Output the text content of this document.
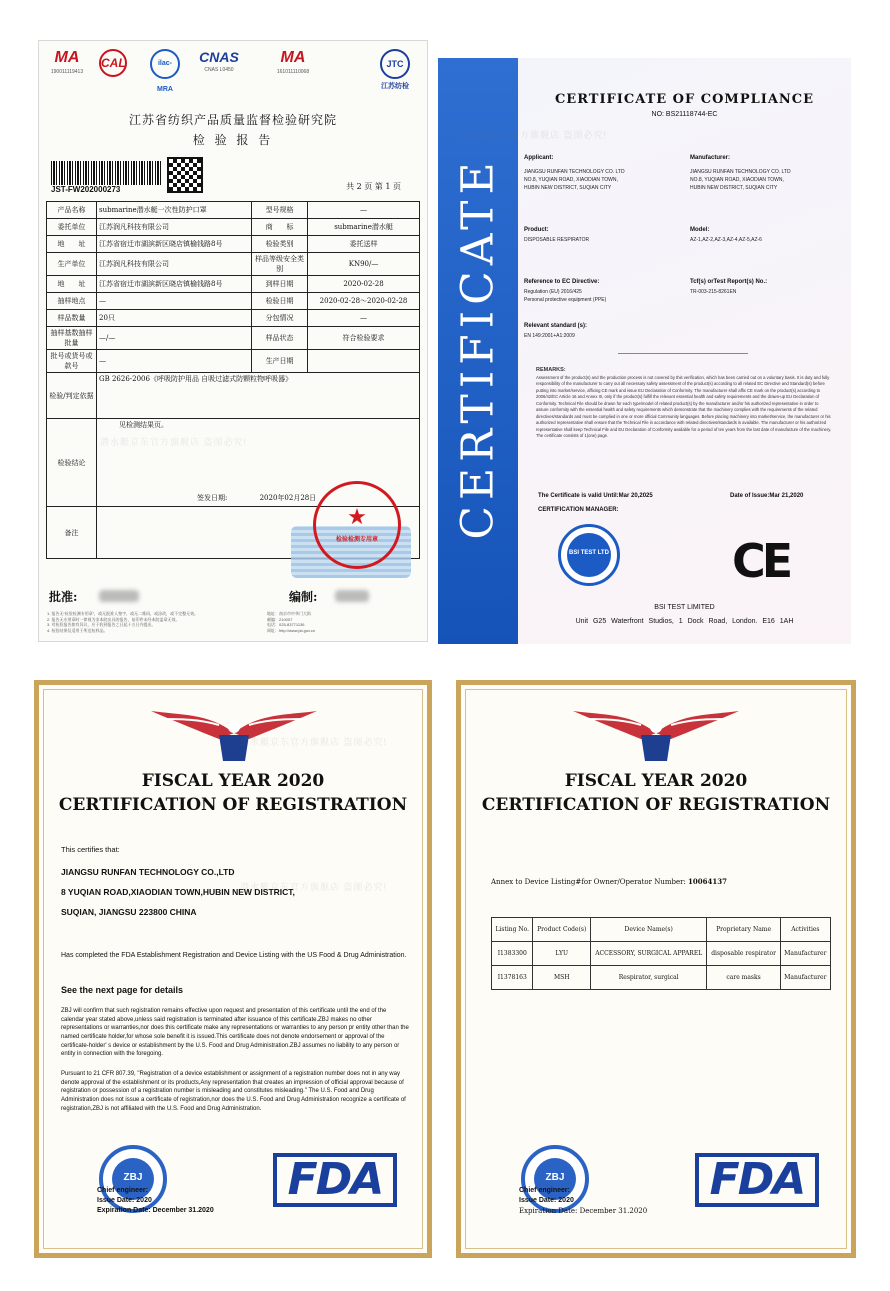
MA
190011119413
CAL	ilac-MRA
CNAS
CNAS L0450
MA
161011110068
JTC
江苏纺检
江苏省纺织产品质量监督检验研究院
检 验 报 告
JST-FW202000273	共 2 页 第 1 页
产品名称	submarine潜水艇一次性防护口罩	型号规格	—
委托单位	江苏润凡科技有限公司	商　　标	submarine潜水艇
地　　址	江苏省宿迁市湖滨新区晓店镇榆钱路8号	检验类别	委托送样
生产单位	江苏润凡科技有限公司	样品等级安全类别	KN90/—
地　　址	江苏省宿迁市湖滨新区晓店镇榆钱路8号	到样日期	2020-02-28
抽样地点	—	检验日期	2020-02-28～2020-02-28
样品数量	20只	分包情况	—
抽样基数抽样批量	—/—	样品状态	符合检验要求
批号或货号或款号	—	生产日期	
检验/判定依据	GB 2626-2006《呼吸防护用品 自吸过滤式防颗粒物呼吸器》		
检验结论	见检测结果页。
签发日期: 2020年02月28日		

备注			
★
检验检测专用章
批准:	编制:
1. 报告无“检验检测专用章”，或无批准人签字，或无二维码，或涂改，或不完整无效。
2. 报告无专用章时一律视为非本院出具的报告，复印件未经本院盖章无效。
3. 对检验报告如有异议，应于收到报告之日起十五日内提出。
4. 检验结果仅适用于所送检样品。
地址：南京市中华门大街
邮编：210007
电话：025-83771136
网址：http://www.jst.gov.cn
CERTIFICATE
CERTIFICATE OF COMPLIANCE
NO: BS21118744-EC
Applicant:
JIANGSU RUNFAN TECHNOLOGY CO. LTD
NO.8, YUQIAN ROAD, XIAODIAN TOWN,
HUBIN NEW DISTRICT, SUQIAN CITY
Manufacturer:
JIANGSU RUNFAN TECHNOLOGY CO. LTD
NO.8, YUQIAN ROAD, XIAODIAN TOWN,
HUBIN NEW DISTRICT, SUQIAN CITY
Product:
DISPOSABLE RESPIRATOR
Model:
AZ-1,AZ-2,AZ-3,AZ-4,AZ-5,AZ-6
Reference to EC Directive:
Regulation (EU) 2016/425
Personal protective equipment (PPE)
Tcf(s) orTest Report(s) No.:
TR-003-215-8261EN
Relevant standard (s):
EN 149:2001+A1:2009
REMARKS:
Assessment of the product(s) and the production process is not covered by this verification, which has been carried out on a voluntary basis. It is duty and fully responsibility of the manufacturer to carry out all necessary safety assessment of the product(s) according to all related EC Directive and Standard(s) before putting into market/service, affixing CE mark and issue EU Declaration of Conformity. The manufacturer shall affix CE mark on the product(s) according to 2006/42/EC Article 16 and Annex III, only if the product(s) fulfill the relevant essential health and safety requirements and the drawn-up EU Declaration of Conformity. Technical File should be drawn for each type/model of related product(s) by the manufacturer and/or his authorized representative in order to assure conformity with the essential health and safety requirements which demonstrate that the machinery complies with the requirements of the related directives/standards and must be complied in one or more official Community languages. Before placing machinery into market/service, the manufacturer or his authorized representative shall ensure that the Technical File in accordance with related directives/standards is available. The manufacturer or his authorized representative shall keep Technical File and EU Declaration of Conformity available for a period of ten years from the last date of manufacture of the machinery. The certificate consists of 1(one) page.
The Certificate is valid Until:Mar 20,2025	Date of Issue:Mar 21,2020
CERTIFICATION MANAGER:
BSI TEST LTD	CE
BSI TEST LIMITED
Unit G25 Waterfront Studios, 1 Dock Road, London. E16 1AH
FISCAL YEAR 2020
CERTIFICATION OF REGISTRATION
This certifies that:
JIANGSU RUNFAN TECHNOLOGY CO.,LTD
8 YUQIAN ROAD,XIAODIAN TOWN,HUBIN NEW DISTRICT,
SUQIAN, JIANGSU 223800 CHINA
Has completed the FDA Establishment Registration and Device Listing with the US Food & Drug Administration.
See the next page for details
ZBJ will confirm that such registration remains effective upon request and presentation of this certificate until the end of the calendar year stated above,unless said registration is terminated after issuance of this certificate.ZBJ makes no other representations or warranties,nor does this certificate make any representations or warranties to any person pr entity other than the named certificate holder,for whose sole benefit it is issued.This certificate does not denote endorsement or approval of the certificate-holder' s device or establishment by the U.S. Food and Drug Administration.ZBJ assumes no liability to any person or entity in connection with the foregoing.
Pursuant to 21 CFR 807.39, "Registration of a device establishment or assignment of a registration number does not in any way denote approval of the establishment or its products,Any representation that creates an impression of official approval because of registration or possession of a registration number is misleading and constitutes misleading." The U.S. Food and Drug Administration does not issue a certificate of registration,nor does the U.S. Food and Drug Administration recognize a certificate of registration,ZBJ is not affiliated with the U.S. Food and Drug Administration.
ZBJ
Chief engineer:
Issue Date: 2020
Expiration Date: December 31.2020
FDA
FISCAL YEAR 2020
CERTIFICATION OF REGISTRATION
Annex to Device Listing#for Owner/Operator Number: 10064137
Listing No.	Product Code(s)	Device Name(s)	Proprietary Name	Activities
I1383300	LYU	ACCESSORY, SURGICAL APPAREL	disposable respirator	Manufacturer
I1378163	MSH	Respirator, surgical	care masks	Manufacturer
ZBJ
Chief engineer:
Issue Date: 2020
Expiration Date: December 31.2020
FDA
